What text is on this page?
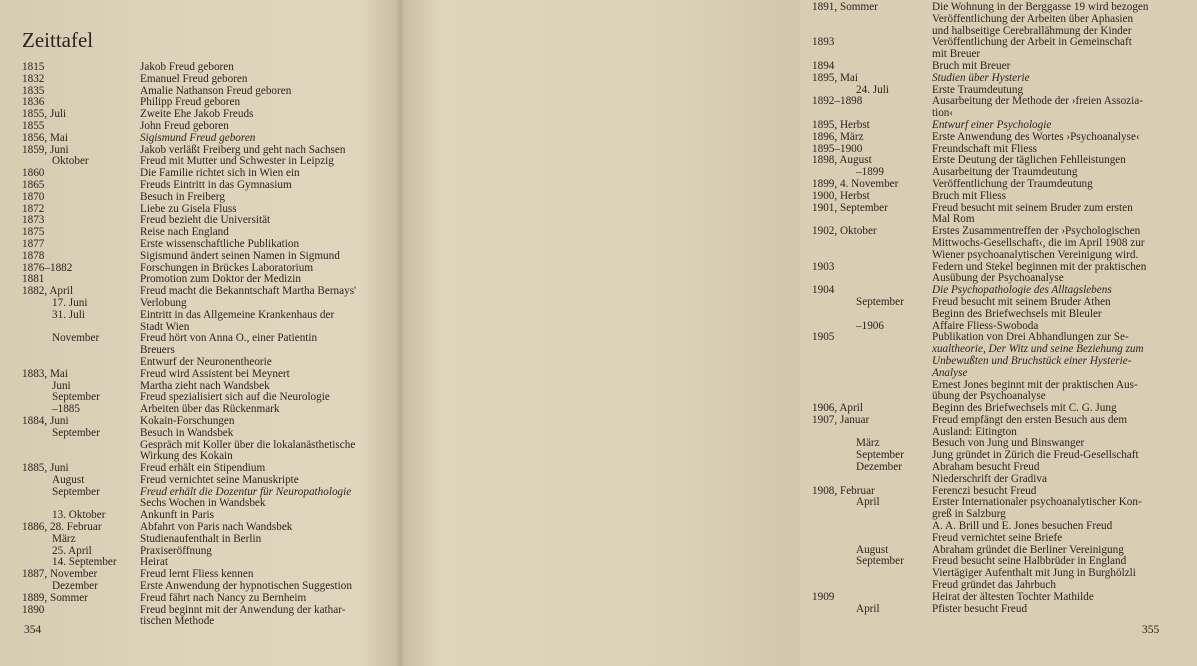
Zeittafel
1815	Jakob Freud geboren
1832	Emanuel Freud geboren
1835	Amalie Nathanson Freud geboren
1836	Philipp Freud geboren
1855, Juli	Zweite Ehe Jakob Freuds
1855	John Freud geboren
1856, Mai	Sigismund Freud geboren
1859, Juni	Jakob verläßt Freiberg und geht nach Sachsen
Oktober	Freud mit Mutter und Schwester in Leipzig
1860	Die Familie richtet sich in Wien ein
1865	Freuds Eintritt in das Gymnasium
1870	Besuch in Freiberg
1872	Liebe zu Gisela Fluss
1873	Freud bezieht die Universität
1875	Reise nach England
1877	Erste wissenschaftliche Publikation
1878	Sigismund ändert seinen Namen in Sigmund
1876–1882	Forschungen in Brückes Laboratorium
1881	Promotion zum Doktor der Medizin
1882, April	Freud macht die Bekanntschaft Martha Bernays'
17. Juni	Verlobung
31. Juli	Eintritt in das Allgemeine Krankenhaus der
Stadt Wien
November	Freud hört von Anna O., einer Patientin
Breuers
Entwurf der Neuronentheorie
1883, Mai	Freud wird Assistent bei Meynert
Juni	Martha zieht nach Wandsbek
September	Freud spezialisiert sich auf die Neurologie
–1885	Arbeiten über das Rückenmark
1884, Juni	Kokain-Forschungen
September	Besuch in Wandsbek
Gespräch mit Koller über die lokalanästhetische
Wirkung des Kokain
1885, Juni	Freud erhält ein Stipendium
August	Freud vernichtet seine Manuskripte
September	Freud erhält die Dozentur für Neuropathologie
Sechs Wochen in Wandsbek
13. Oktober	Ankunft in Paris
1886, 28. Februar	Abfahrt von Paris nach Wandsbek
März	Studienaufenthalt in Berlin
25. April	Praxiseröffnung
14. September	Heirat
1887, November	Freud lernt Fliess kennen
Dezember	Erste Anwendung der hypnotischen Suggestion
1889, Sommer	Freud fährt nach Nancy zu Bernheim
1890	Freud beginnt mit der Anwendung der kathar-
tischen Methode
354
1891, Sommer	Die Wohnung in der Berggasse 19 wird bezogen
Veröffentlichung der Arbeiten über Aphasien
und halbseitige Cerebrallähmung der Kinder
1893	Veröffentlichung der Arbeit in Gemeinschaft
mit Breuer
1894	Bruch mit Breuer
1895, Mai	Studien über Hysterie
24. Juli	Erste Traumdeutung
1892–1898	Ausarbeitung der Methode der ›freien Assozia-
tion‹
1895, Herbst	Entwurf einer Psychologie
1896, März	Erste Anwendung des Wortes ›Psychoanalyse‹
1895–1900	Freundschaft mit Fliess
1898, August	Erste Deutung der täglichen Fehlleistungen
–1899	Ausarbeitung der Traumdeutung
1899, 4. November	Veröffentlichung der Traumdeutung
1900, Herbst	Bruch mit Fliess
1901, September	Freud besucht mit seinem Bruder zum ersten
Mal Rom
1902, Oktober	Erstes Zusammentreffen der ›Psychologischen
Mittwochs-Gesellschaft‹, die im April 1908 zur
Wiener psychoanalytischen Vereinigung wird.
1903	Federn und Stekel beginnen mit der praktischen
Ausübung der Psychoanalyse
1904	Die Psychopathologie des Alltagslebens
September	Freud besucht mit seinem Bruder Athen
Beginn des Briefwechsels mit Bleuler
–1906	Affaire Fliess-Swoboda
1905	Publikation von Drei Abhandlungen zur Se-
xualtheorie, Der Witz und seine Beziehung zum
Unbewußten und Bruchstück einer Hysterie-
Analyse
Ernest Jones beginnt mit der praktischen Aus-
übung der Psychoanalyse
1906, April	Beginn des Briefwechsels mit C. G. Jung
1907, Januar	Freud empfängt den ersten Besuch aus dem
Ausland: Eitington
März	Besuch von Jung und Binswanger
September	Jung gründet in Zürich die Freud-Gesellschaft
Dezember	Abraham besucht Freud
Niederschrift der Gradiva
1908, Februar	Ferenczi besucht Freud
April	Erster Internationaler psychoanalytischer Kon-
greß in Salzburg
A. A. Brill und E. Jones besuchen Freud
Freud vernichtet seine Briefe
August	Abraham gründet die Berliner Vereinigung
September	Freud besucht seine Halbbrüder in England
Viertägiger Aufenthalt mit Jung in Burghölzli
Freud gründet das Jahrbuch
1909	Heirat der ältesten Tochter Mathilde
April	Pfister besucht Freud
355
